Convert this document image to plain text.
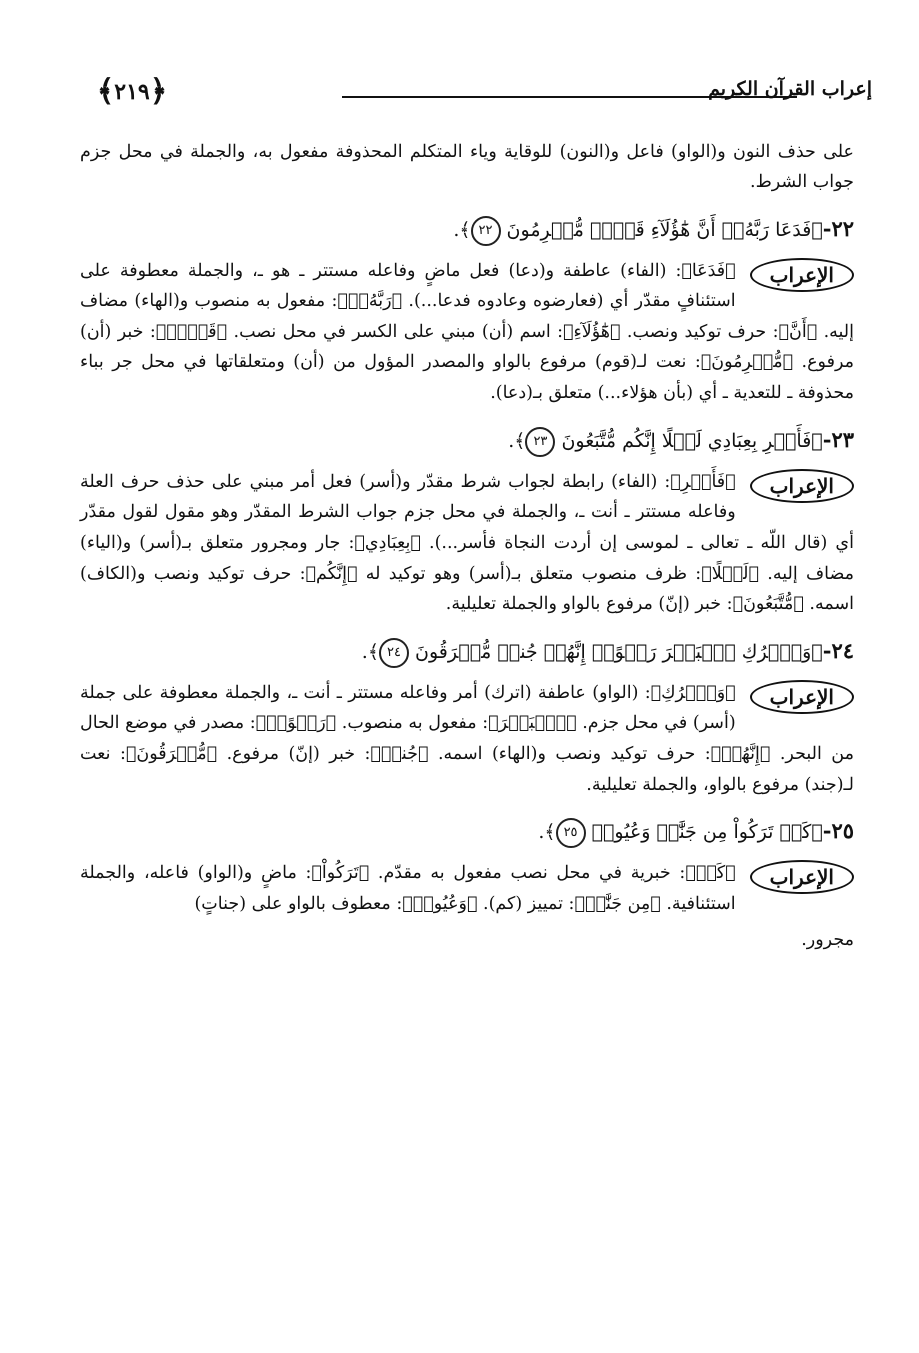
﴿
٢١٩
﴾	إعراب القرآن الكريم

على حذف النون و(الواو) فاعل و(النون) للوقاية وياء المتكلم المحذوفة مفعول به، والجملة في محل جزم جواب الشرط.

٢٢-﴿فَدَعَا رَبَّهُۥٓ أَنَّ هَٰٓؤُلَآءِ قَوۡمٞ مُّجۡرِمُونَ ٢٢﴾.
الإعراب

﴿فَدَعَا﴾: (الفاء) عاطفة و(دعا) فعل ماضٍ وفاعله مستتر ـ هو ـ، والجملة معطوفة على استئنافٍ مقدّر أي (فعارضوه وعادوه فدعا...). ﴿رَبَّهُۥٓ﴾: مفعول به منصوب و(الهاء) مضاف إليه. ﴿أَنَّ﴾: حرف توكيد ونصب. ﴿هَٰٓؤُلَآءِ﴾: اسم (أن) مبني على الكسر في محل نصب. ﴿قَوۡمٞ﴾: خبر (أن) مرفوع. ﴿مُّجۡرِمُونَ﴾: نعت لـ(قوم) مرفوع بالواو والمصدر المؤول من (أن) ومتعلقاتها في محل جر بباء محذوفة ـ للتعدية ـ أي (بأن هؤلاء...) متعلق بـ(دعا).

٢٣-﴿فَأَسۡرِ بِعِبَادِي لَيۡلًا إِنَّكُم مُّتَّبَعُونَ ٢٣﴾.
الإعراب

﴿فَأَسۡرِ﴾: (الفاء) رابطة لجواب شرط مقدّر و(أسر) فعل أمر مبني على حذف حرف العلة وفاعله مستتر ـ أنت ـ، والجملة في محل جزم جواب الشرط المقدّر وهو مقول لقول مقدّر أي (قال اللّه ـ تعالى ـ لموسى إن أردت النجاة فأسر...). ﴿بِعِبَادِي﴾: جار ومجرور متعلق بـ(أسر) و(الياء) مضاف إليه. ﴿لَيۡلًا﴾: ظرف منصوب متعلق بـ(أسر) وهو توكيد له ﴿إِنَّكُم﴾: حرف توكيد ونصب و(الكاف) اسمه. ﴿مُّتَّبَعُونَ﴾: خبر (إنّ) مرفوع بالواو والجملة تعليلية.

٢٤-﴿وَٱتۡرُكِ ٱلۡبَحۡرَ رَهۡوًاۖ إِنَّهُمۡ جُندٞ مُّغۡرَقُونَ ٢٤﴾.
الإعراب

﴿وَٱتۡرُكِ﴾: (الواو) عاطفة (اترك) أمر وفاعله مستتر ـ أنت ـ، والجملة معطوفة على جملة (أسر) في محل جزم. ﴿ٱلۡبَحۡرَ﴾: مفعول به منصوب. ﴿رَهۡوًاۖ﴾: مصدر في موضع الحال من البحر. ﴿إِنَّهُمۡ﴾: حرف توكيد ونصب و(الهاء) اسمه. ﴿جُندٞ﴾: خبر (إنّ) مرفوع. ﴿مُّغۡرَقُونَ﴾: نعت لـ(جند) مرفوع بالواو، والجملة تعليلية.

٢٥-﴿كَمۡ تَرَكُواْ مِن جَنَّٰتٖ وَعُيُونٖ ٢٥﴾.
الإعراب

﴿كَمۡ﴾: خبرية في محل نصب مفعول به مقدّم. ﴿تَرَكُواْ﴾: ماضٍ و(الواو) فاعله، والجملة استئنافية. ﴿مِن جَنَّٰتٖ﴾: تمييز (كم). ﴿وَعُيُونٖ﴾: معطوف بالواو على (جناتٍ)

مجرور.
